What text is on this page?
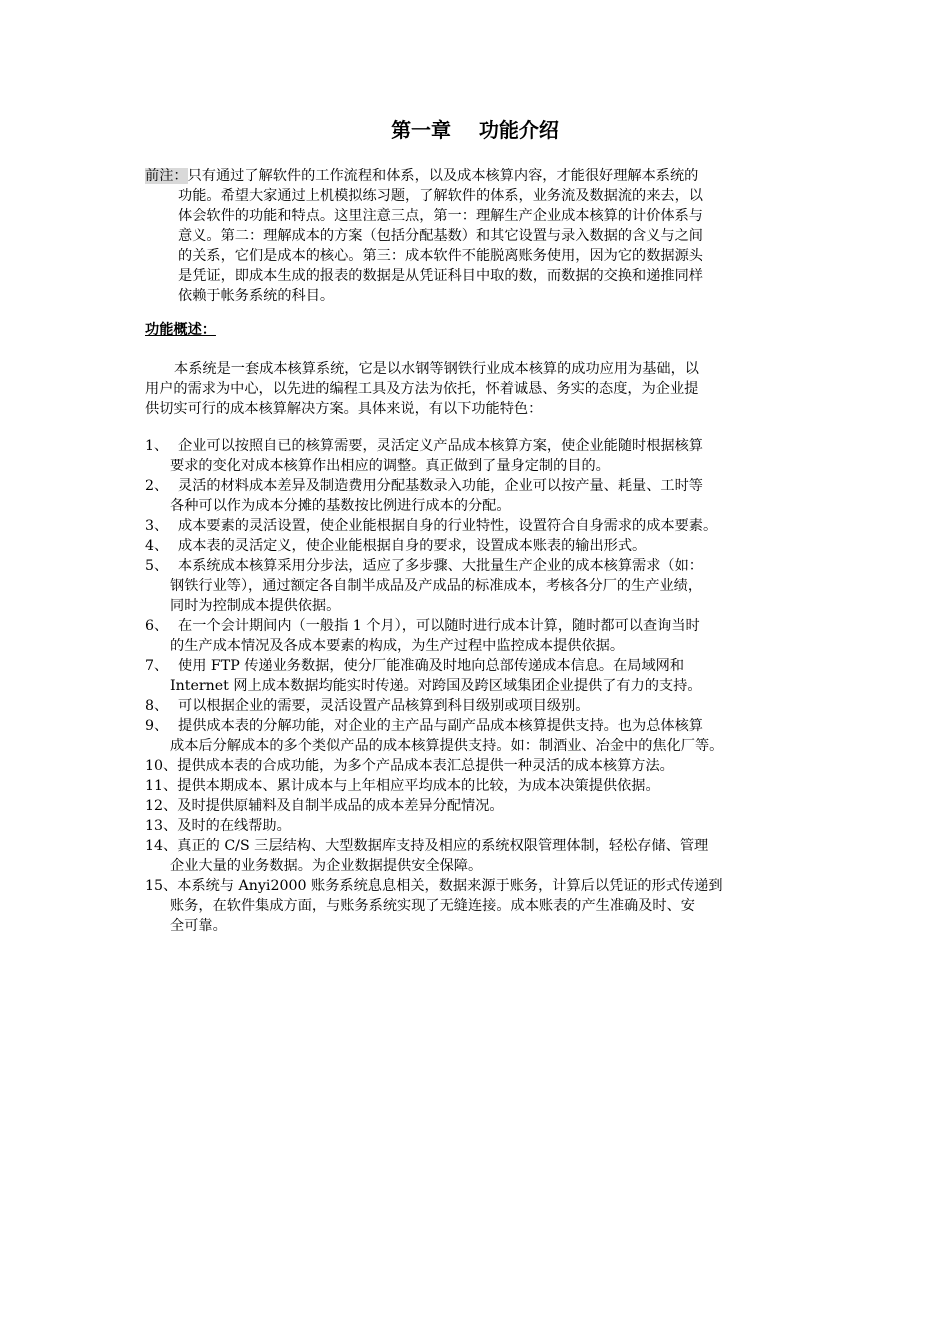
第一章    功能介绍
前注：只有通过了解软件的工作流程和体系，以及成本核算内容，才能很好理解本系统的
功能。希望大家通过上机模拟练习题，了解软件的体系，业务流及数据流的来去，以
体会软件的功能和特点。这里注意三点，第一：理解生产企业成本核算的计价体系与
意义。第二：理解成本的方案（包括分配基数）和其它设置与录入数据的含义与之间
的关系，它们是成本的核心。第三：成本软件不能脱离账务使用，因为它的数据源头
是凭证，即成本生成的报表的数据是从凭证科目中取的数，而数据的交换和递推同样
依赖于帐务系统的科目。
功能概述：
本系统是一套成本核算系统，它是以水钢等钢铁行业成本核算的成功应用为基础，以
用户的需求为中心，以先进的编程工具及方法为依托，怀着诚恳、务实的态度，为企业提
供切实可行的成本核算解决方案。具体来说，有以下功能特色：
1、 企业可以按照自已的核算需要，灵活定义产品成本核算方案，使企业能随时根据核算
要求的变化对成本核算作出相应的调整。真正做到了量身定制的目的。
2、 灵活的材料成本差异及制造费用分配基数录入功能，企业可以按产量、耗量、工时等
各种可以作为成本分摊的基数按比例进行成本的分配。
3、 成本要素的灵活设置，使企业能根据自身的行业特性，设置符合自身需求的成本要素。
4、 成本表的灵活定义，使企业能根据自身的要求，设置成本账表的输出形式。
5、 本系统成本核算采用分步法，适应了多步骤、大批量生产企业的成本核算需求（如：
钢铁行业等），通过额定各自制半成品及产成品的标准成本，考核各分厂的生产业绩，
同时为控制成本提供依据。
6、 在一个会计期间内（一般指 1 个月），可以随时进行成本计算，随时都可以查询当时
的生产成本情况及各成本要素的构成，为生产过程中监控成本提供依据。
7、 使用 FTP 传递业务数据，使分厂能准确及时地向总部传递成本信息。在局域网和
Internet 网上成本数据均能实时传递。对跨国及跨区域集团企业提供了有力的支持。
8、 可以根据企业的需要，灵活设置产品核算到科目级别或项目级别。
9、 提供成本表的分解功能，对企业的主产品与副产品成本核算提供支持。也为总体核算
成本后分解成本的多个类似产品的成本核算提供支持。如：制酒业、冶金中的焦化厂等。
10、提供成本表的合成功能，为多个产品成本表汇总提供一种灵活的成本核算方法。
11、提供本期成本、累计成本与上年相应平均成本的比较，为成本决策提供依据。
12、及时提供原辅料及自制半成品的成本差异分配情况。
13、及时的在线帮助。
14、真正的 C/S 三层结构、大型数据库支持及相应的系统权限管理体制，轻松存储、管理
企业大量的业务数据。为企业数据提供安全保障。
15、本系统与 Anyi2000 账务系统息息相关，数据来源于账务，计算后以凭证的形式传递到
账务，在软件集成方面，与账务系统实现了无缝连接。成本账表的产生准确及时、安
全可靠。
